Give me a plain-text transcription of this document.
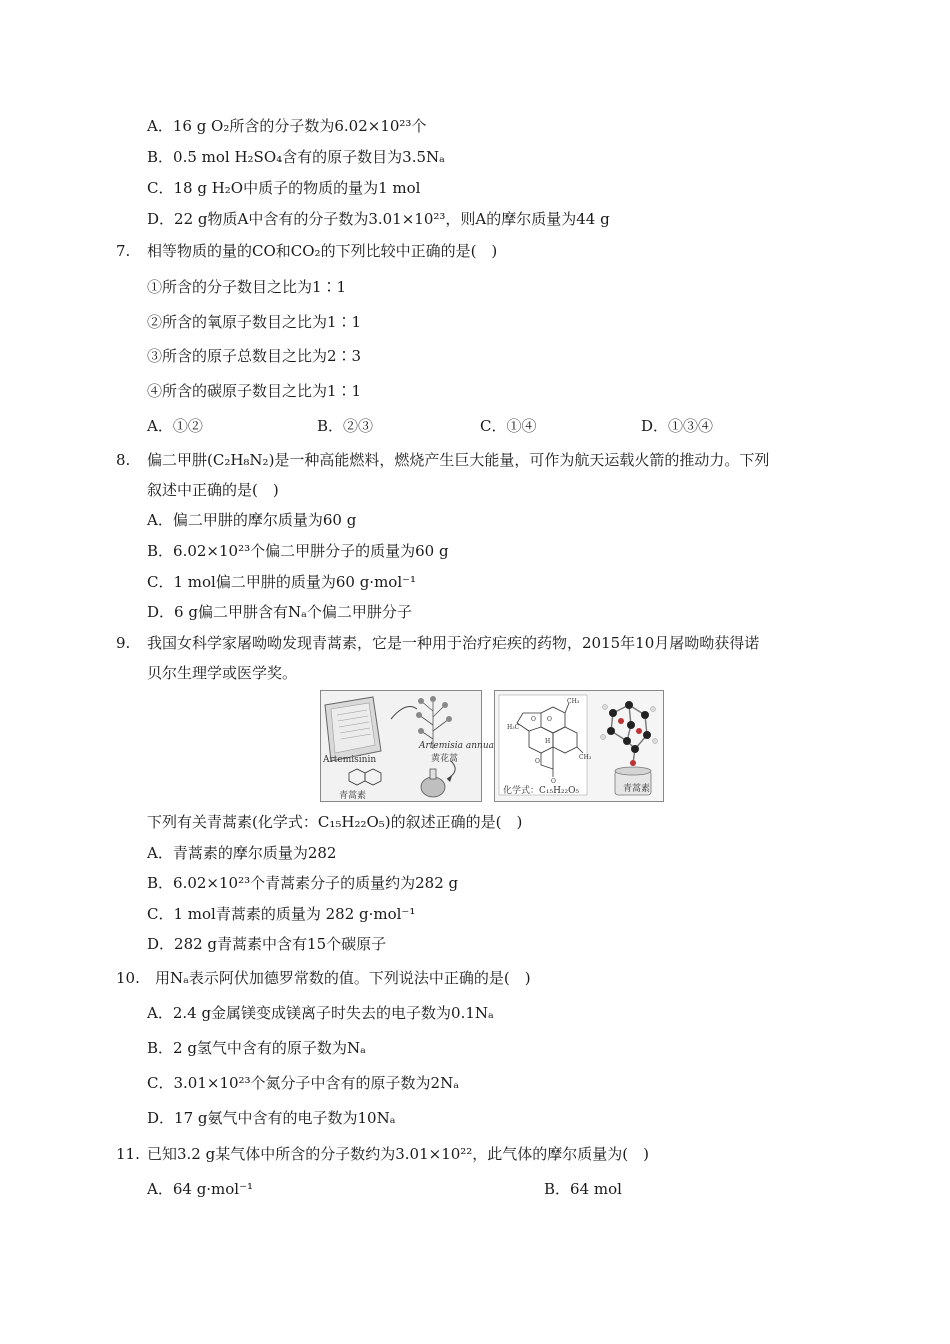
A．16 g O₂所含的分子数为6.02×10²³个
B．0.5 mol H₂SO₄含有的原子数目为3.5Nₐ
C．18 g H₂O中质子的物质的量为1 mol
D．22 g物质A中含有的分子数为3.01×10²³，则A的摩尔质量为44 g
7. 相等物质的量的CO和CO₂的下列比较中正确的是(　)
①所含的分子数目之比为1∶1
②所含的氧原子数目之比为1∶1
③所含的原子总数目之比为2∶3
④所含的碳原子数目之比为1∶1
A．①②	B．②③	C．①④	D．①③④
8. 偏二甲肼(C₂H₈N₂)是一种高能燃料，燃烧产生巨大能量，可作为航天运载火箭的推动力。下列
叙述中正确的是(　)
A．偏二甲肼的摩尔质量为60 g
B．6.02×10²³个偏二甲肼分子的质量为60 g
C．1 mol偏二甲肼的质量为60 g·mol⁻¹
D．6 g偏二甲肼含有Nₐ个偏二甲肼分子
9. 我国女科学家屠呦呦发现青蒿素，它是一种用于治疗疟疾的药物，2015年10月屠呦呦获得诺
贝尔生理学或医学奖。
Artemisinin
青蒿素
Artemisia annua
黄花蒿
CH₃
H₃C
O O
O
O
CH₃
H
化学式：C₁₅H₂₂O₅	青蒿素
下列有关青蒿素(化学式：C₁₅H₂₂O₅)的叙述正确的是(　)
A．青蒿素的摩尔质量为282
B．6.02×10²³个青蒿素分子的质量约为282 g
C．1 mol青蒿素的质量为 282 g·mol⁻¹
D．282 g青蒿素中含有15个碳原子
10. 用Nₐ表示阿伏加德罗常数的值。下列说法中正确的是(　)
A．2.4 g金属镁变成镁离子时失去的电子数为0.1Nₐ
B．2 g氢气中含有的原子数为Nₐ
C．3.01×10²³个氮分子中含有的原子数为2Nₐ
D．17 g氨气中含有的电子数为10Nₐ
11. 已知3.2 g某气体中所含的分子数约为3.01×10²²，此气体的摩尔质量为(　)
A．64 g·mol⁻¹	B．64 mol
